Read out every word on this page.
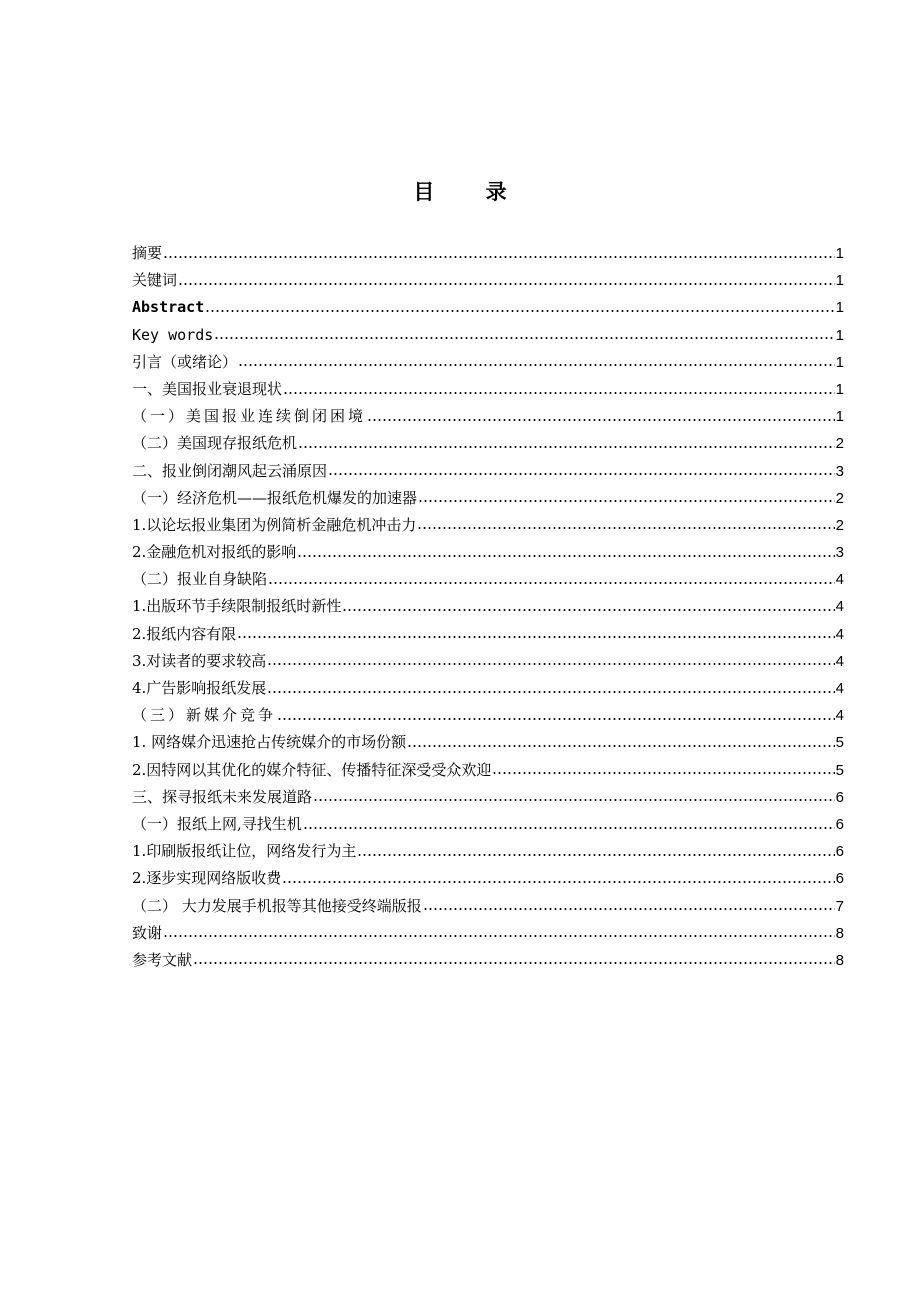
目 录
摘要	1
关键词	1
Abstract	1
Key words	1
引言（或绪论）	1
一、美国报业衰退现状	1
（一）美国报业连续倒闭困境	1
（二）美国现存报纸危机	2
二、报业倒闭潮风起云涌原因	3
（一）经济危机——报纸危机爆发的加速器	2
1.以论坛报业集团为例简析金融危机冲击力	2
2.金融危机对报纸的影响	3
（二）报业自身缺陷	4
1.出版环节手续限制报纸时新性	4
2.报纸内容有限	4
3.对读者的要求较高	4
4.广告影响报纸发展	4
（三）新媒介竞争	4
1. 网络媒介迅速抢占传统媒介的市场份额	5
2.因特网以其优化的媒介特征、传播特征深受受众欢迎	5
三、探寻报纸未来发展道路	6
（一）报纸上网,寻找生机	6
1.印刷版报纸让位，网络发行为主	6
2.逐步实现网络版收费	6
（二） 大力发展手机报等其他接受终端版报	7
致谢	8
参考文献	8
